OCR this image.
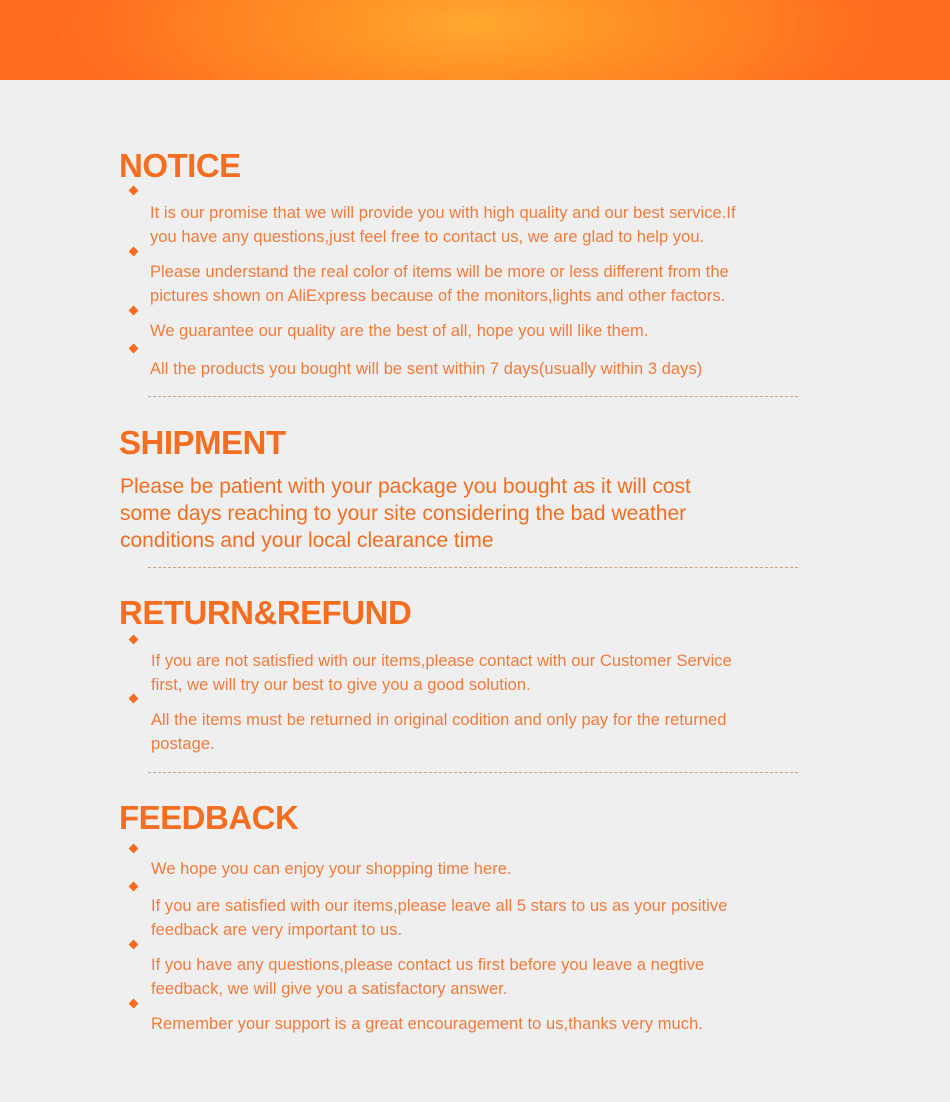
NOTICE
It is our promise that we will provide you with high quality and our best service.If
you have any questions,just feel free to contact us, we are glad to help you.
Please understand the real color of items will be more or less different from the
pictures shown on AliExpress because of the monitors,lights and other factors.
We guarantee our quality are the best of all, hope you will like them.
All the products you bought will be sent within 7 days(usually within 3 days)
SHIPMENT
Please be patient with your package you bought as it will cost
some days reaching to your site considering the bad weather
conditions and your local clearance time
RETURN&REFUND
If you are not satisfied with our items,please contact with our Customer Service
first, we will try our best to give you a good solution.
All the items must be returned in original codition and only pay for the returned
postage.
FEEDBACK
We hope you can enjoy your shopping time here.
If you are satisfied with our items,please leave all 5 stars to us as your positive
feedback are very important to us.
If you have any questions,please contact us first before you leave a negtive
feedback, we will give you a satisfactory answer.
Remember your support is a great encouragement to us,thanks very much.
